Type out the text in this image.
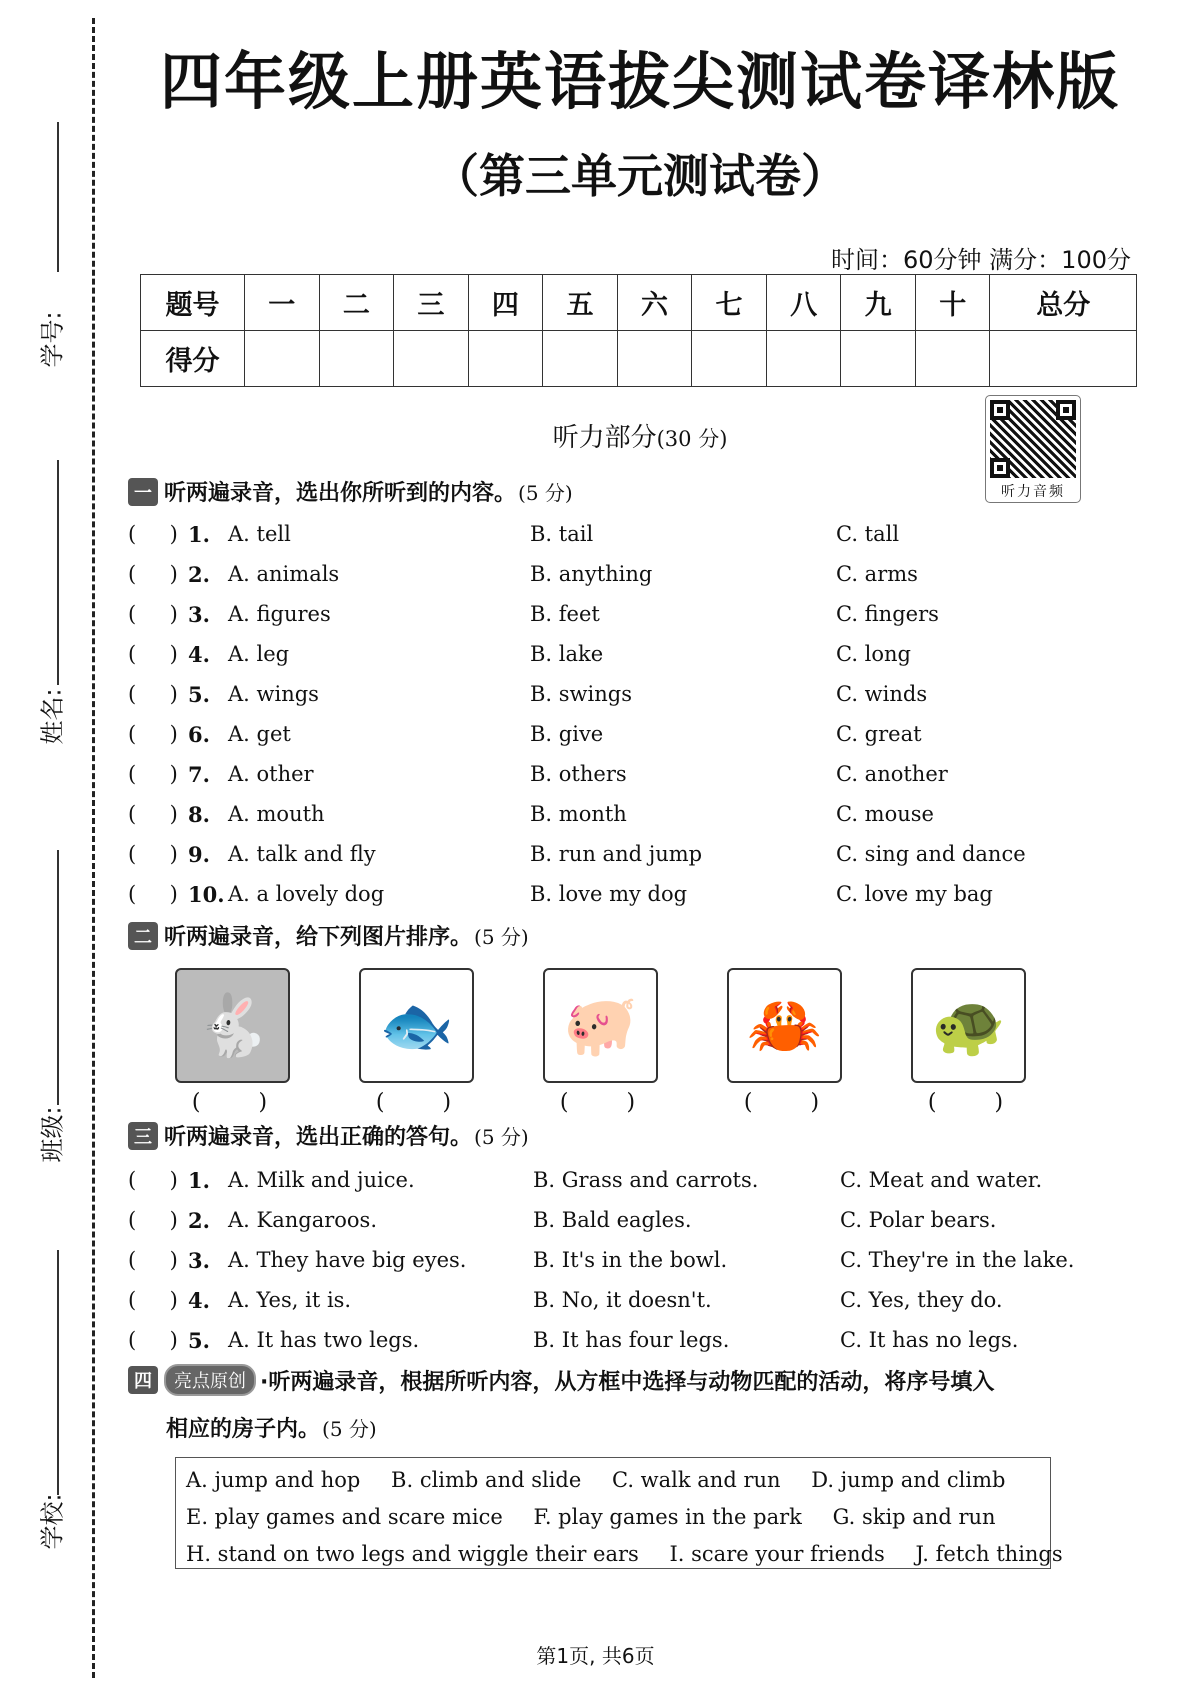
学号:
姓名:
班级:
学校:
四年级上册英语拔尖测试卷译林版
（第三单元测试卷）
时间：60分钟 满分：100分
题号	一	二	三	四	五	六	七	八	九	十	总分
得分											
听力部分(30 分)
听力音频
一 听两遍录音，选出你所听到的内容。 (5 分)
(     ) 1. A. tell	B. tail	C. tall
(     ) 2. A. animals	B. anything	C. arms
(     ) 3. A. figures	B. feet	C. fingers
(     ) 4. A. leg	B. lake	C. long
(     ) 5. A. wings	B. swings	C. winds
(     ) 6. A. get	B. give	C. great
(     ) 7. A. other	B. others	C. another
(     ) 8. A. mouth	B. month	C. mouse
(     ) 9. A. talk and fly	B. run and jump	C. sing and dance
(     ) 10. A. a lovely dog	B. love my dog	C. love my bag
二 听两遍录音，给下列图片排序。 (5 分)
🐇
(    )
🐟
(    )
🐖
(    )
🦀
(    )
🐢
(    )
三 听两遍录音，选出正确的答句。 (5 分)
(     ) 1. A. Milk and juice.	B. Grass and carrots.	C. Meat and water.
(     ) 2. A. Kangaroos.	B. Bald eagles.	C. Polar bears.
(     ) 3. A. They have big eyes.	B. It's in the bowl.	C. They're in the lake.
(     ) 4. A. Yes, it is.	B. No, it doesn't.	C. Yes, they do.
(     ) 5. A. It has two legs.	B. It has four legs.	C. It has no legs.
四	亮点原创 ·听两遍录音，根据所听内容，从方框中选择与动物匹配的活动，将序号填入
相应的房子内。 (5 分)
A. jump and hop B. climb and slide C. walk and run D. jump and climb
E. play games and scare mice F. play games in the park G. skip and run
H. stand on two legs and wiggle their ears I. scare your friends J. fetch things
第1页, 共6页
